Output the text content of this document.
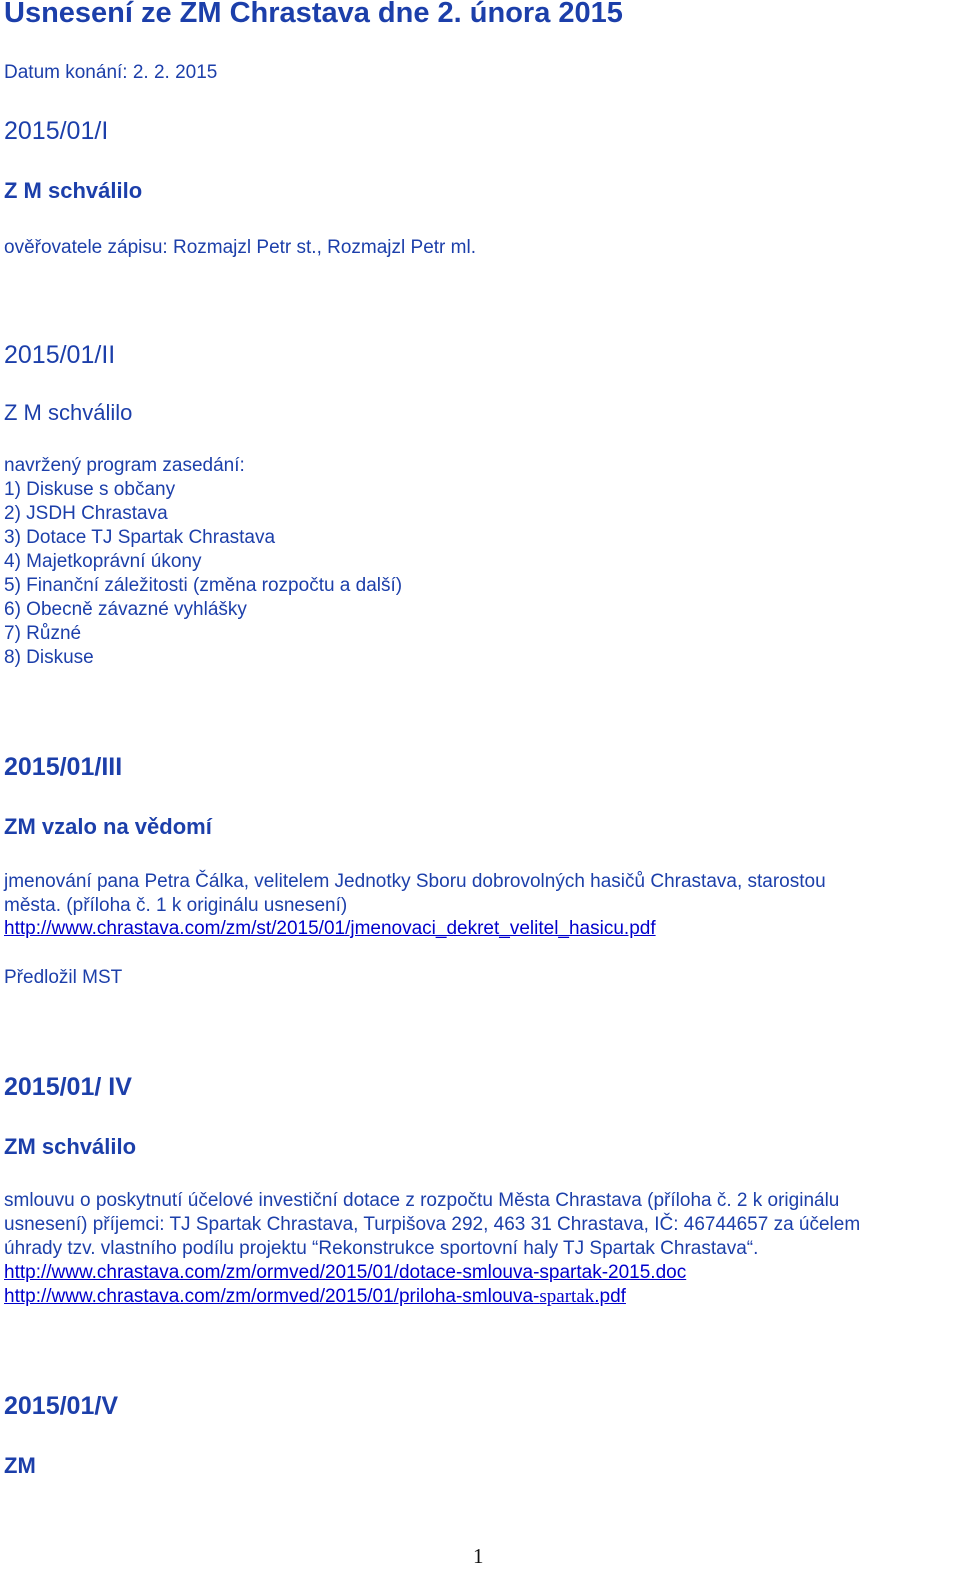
Usnesení ze ZM Chrastava dne 2. února 2015
Datum konání: 2. 2. 2015
2015/01/I
Z M schválilo
ověřovatele zápisu: Rozmajzl Petr st., Rozmajzl Petr ml.
2015/01/II
Z M schválilo
navržený program zasedání:
1) Diskuse s občany
2) JSDH Chrastava
3) Dotace TJ Spartak Chrastava
4) Majetkoprávní úkony
5) Finanční záležitosti (změna rozpočtu a další)
6) Obecně závazné vyhlášky
7) Různé
8) Diskuse
2015/01/III
ZM vzalo na vědomí
jmenování pana Petra Čálka, velitelem Jednotky Sboru dobrovolných hasičů Chrastava, starostou
města. (příloha č. 1 k originálu usnesení)
http://www.chrastava.com/zm/st/2015/01/jmenovaci_dekret_velitel_hasicu.pdf
Předložil MST
2015/01/ IV
ZM schválilo
smlouvu o poskytnutí účelové investiční dotace z rozpočtu Města Chrastava (příloha č. 2 k originálu
usnesení) příjemci: TJ Spartak Chrastava, Turpišova 292, 463 31 Chrastava, IČ: 46744657 za účelem
úhrady tzv. vlastního podílu projektu “Rekonstrukce sportovní haly TJ Spartak Chrastava“.
http://www.chrastava.com/zm/ormved/2015/01/dotace-smlouva-spartak-2015.doc
http://www.chrastava.com/zm/ormved/2015/01/priloha-smlouva-spartak.pdf
2015/01/V
ZM
1
